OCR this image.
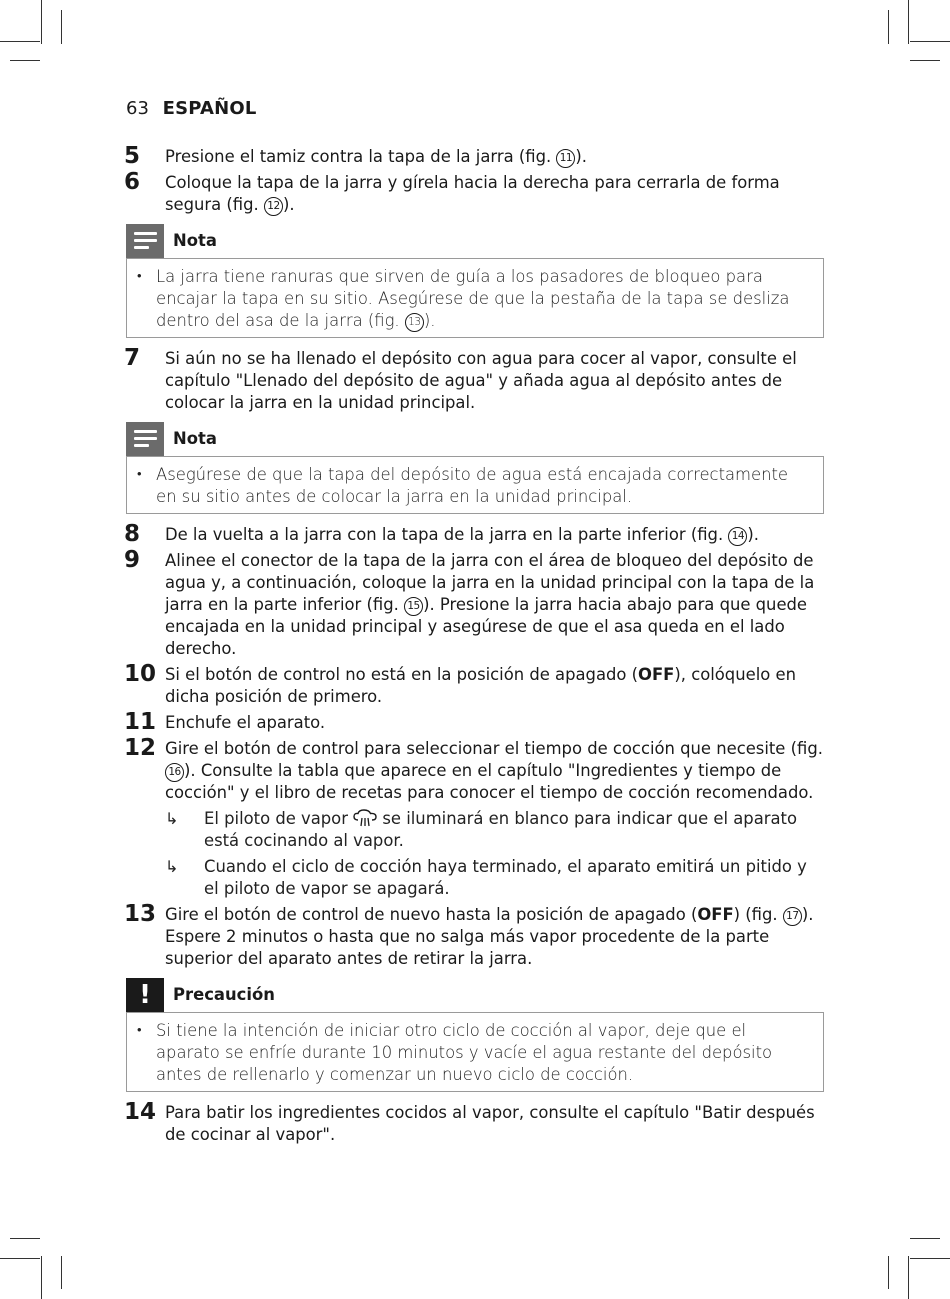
63 ESPAÑOL
5 Presione el tamiz contra la tapa de la jarra (fig. 11 ).
6 Coloque la tapa de la jarra y gírela hacia la derecha para cerrarla de forma segura (fig. 12 ).
Nota
• La jarra tiene ranuras que sirven de guía a los pasadores de bloqueo para encajar la tapa en su sitio. Asegúrese de que la pestaña de la tapa se desliza dentro del asa de la jarra (fig. 13 ).
7 Si aún no se ha llenado el depósito con agua para cocer al vapor, consulte el capítulo "Llenado del depósito de agua" y añada agua al depósito antes de colocar la jarra en la unidad principal.
Nota
• Asegúrese de que la tapa del depósito de agua está encajada correctamente en su sitio antes de colocar la jarra en la unidad principal.
8 De la vuelta a la jarra con la tapa de la jarra en la parte inferior (fig. 14 ).
9 Alinee el conector de la tapa de la jarra con el área de bloqueo del depósito de agua y, a continuación, coloque la jarra en la unidad principal con la tapa de la jarra en la parte inferior (fig. 15 ). Presione la jarra hacia abajo para que quede encajada en la unidad principal y asegúrese de que el asa queda en el lado derecho.
10 Si el botón de control no está en la posición de apagado (OFF), colóquelo en dicha posición de primero.
11 Enchufe el aparato.
12 Gire el botón de control para seleccionar el tiempo de cocción que necesite (fig. 16 ). Consulte la tabla que aparece en el capítulo "Ingredientes y tiempo de cocción" y el libro de recetas para conocer el tiempo de cocción recomendado.
↳ El piloto de vapor  se iluminará en blanco para indicar que el aparato está cocinando al vapor.
↳ Cuando el ciclo de cocción haya terminado, el aparato emitirá un pitido y el piloto de vapor se apagará.
13 Gire el botón de control de nuevo hasta la posición de apagado (OFF) (fig. 17 ). Espere 2 minutos o hasta que no salga más vapor procedente de la parte superior del aparato antes de retirar la jarra.
!	Precaución
• Si tiene la intención de iniciar otro ciclo de cocción al vapor, deje que el aparato se enfríe durante 10 minutos y vacíe el agua restante del depósito antes de rellenarlo y comenzar un nuevo ciclo de cocción.
14 Para batir los ingredientes cocidos al vapor, consulte el capítulo "Batir después de cocinar al vapor".
